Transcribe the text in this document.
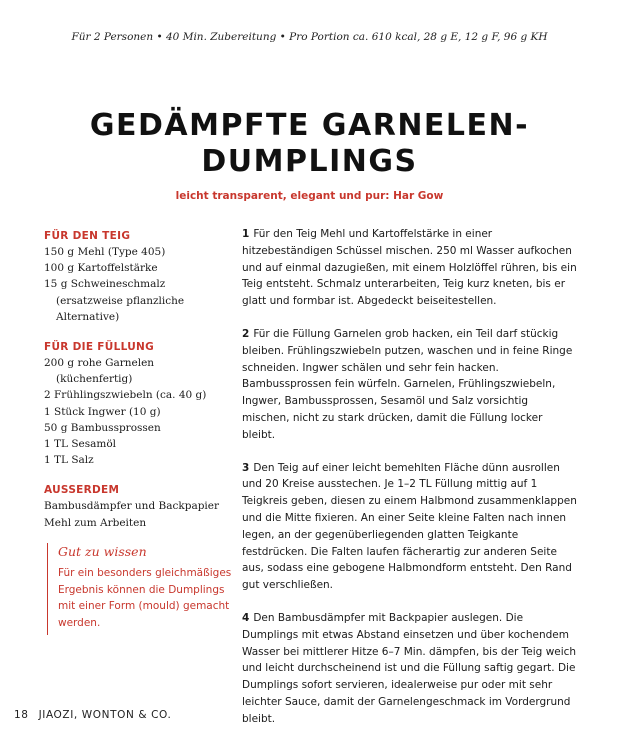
Für 2 Personen • 40 Min. Zubereitung • Pro Portion ca. 610 kcal, 28 g E, 12 g F, 96 g KH
GEDÄMPFTE GARNELEN-
DUMPLINGS
leicht transparent, elegant und pur: Har Gow
FÜR DEN TEIG
150 g Mehl (Type 405)
100 g Kartoffelstärke
15 g Schweineschmalz (ersatzweise pflanzliche Alternative)
FÜR DIE FÜLLUNG
200 g rohe Garnelen (küchenfertig)
2 Frühlingszwiebeln (ca. 40 g)
1 Stück Ingwer (10 g)
50 g Bambussprossen
1 TL Sesamöl
1 TL Salz
AUSSERDEM
Bambusdämpfer und Backpapier
Mehl zum Arbeiten
Gut zu wissen
Für ein besonders gleichmäßiges Ergebnis können die Dumplings mit einer Form (mould) gemacht werden.
1 Für den Teig Mehl und Kartoffelstärke in einer hitzebeständigen Schüssel mischen. 250 ml Wasser aufkochen und auf einmal dazugießen, mit einem Holzlöffel rühren, bis ein Teig entsteht. Schmalz unterarbeiten, Teig kurz kneten, bis er glatt und formbar ist. Abgedeckt beiseitestellen.
2 Für die Füllung Garnelen grob hacken, ein Teil darf stückig bleiben. Frühlingszwiebeln putzen, waschen und in feine Ringe schneiden. Ingwer schälen und sehr fein hacken. Bambussprossen fein würfeln. Garnelen, Frühlingszwiebeln, Ingwer, Bambussprossen, Sesamöl und Salz vorsichtig mischen, nicht zu stark drücken, damit die Füllung locker bleibt.
3 Den Teig auf einer leicht bemehlten Fläche dünn ausrollen und 20 Kreise ausstechen. Je 1–2 TL Füllung mittig auf 1 Teigkreis geben, diesen zu einem Halbmond zusammenklappen und die Mitte fixieren. An einer Seite kleine Falten nach innen legen, an der gegenüberliegenden glatten Teigkante festdrücken. Die Falten laufen fächerartig zur anderen Seite aus, sodass eine gebogene Halbmondform entsteht. Den Rand gut verschließen.
4 Den Bambusdämpfer mit Backpapier auslegen. Die Dumplings mit etwas Abstand einsetzen und über kochendem Wasser bei mittlerer Hitze 6–7 Min. dämpfen, bis der Teig weich und leicht durchscheinend ist und die Füllung saftig gegart. Die Dumplings sofort servieren, idealerweise pur oder mit sehr leichter Sauce, damit der Garnelengeschmack im Vordergrund bleibt.
18 JIAOZI, WONTON & CO.
